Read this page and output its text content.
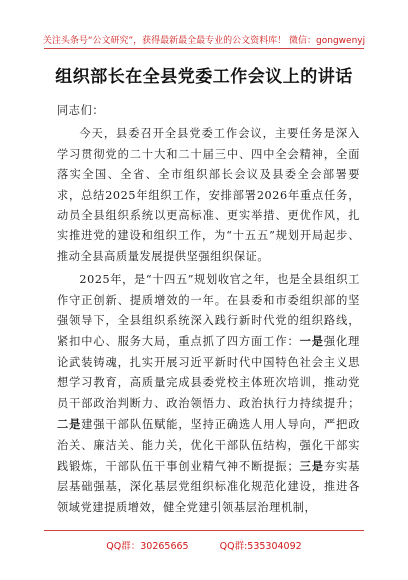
关注头条号“公文研究”，获得最新最全最专业的公文资料库！ 微信：gongwenyj
组织部长在全县党委工作会议上的讲话

同志们：

今天，县委召开全县党委工作会议，主要任务是深入学习贯彻党的二十大和二十届三中、四中全会精神，全面落实全国、全省、全市组织部长会议及县委全会部署要求，总结2025年组织工作，安排部署2026年重点任务，动员全县组织系统以更高标准、更实举措、更优作风，扎实推进党的建设和组织工作，为“十五五”规划开局起步、推动全县高质量发展提供坚强组织保证。

2025年，是“十四五”规划收官之年，也是全县组织工作守正创新、提质增效的一年。在县委和市委组织部的坚强领导下，全县组织系统深入践行新时代党的组织路线，紧扣中心、服务大局，重点抓了四方面工作：一是强化理论武装铸魂，扎实开展习近平新时代中国特色社会主义思想学习教育，高质量完成县委党校主体班次培训，推动党员干部政治判断力、政治领悟力、政治执行力持续提升；二是建强干部队伍赋能，坚持正确选人用人导向，严把政治关、廉洁关、能力关，优化干部队伍结构，强化干部实践锻炼，干部队伍干事创业精气神不断提振；三是夯实基层基础强基，深化基层党组织标准化规范化建设，推进各领域党建提质增效，健全党建引领基层治理机制，

QQ群：30265665	QQ群:535304092
